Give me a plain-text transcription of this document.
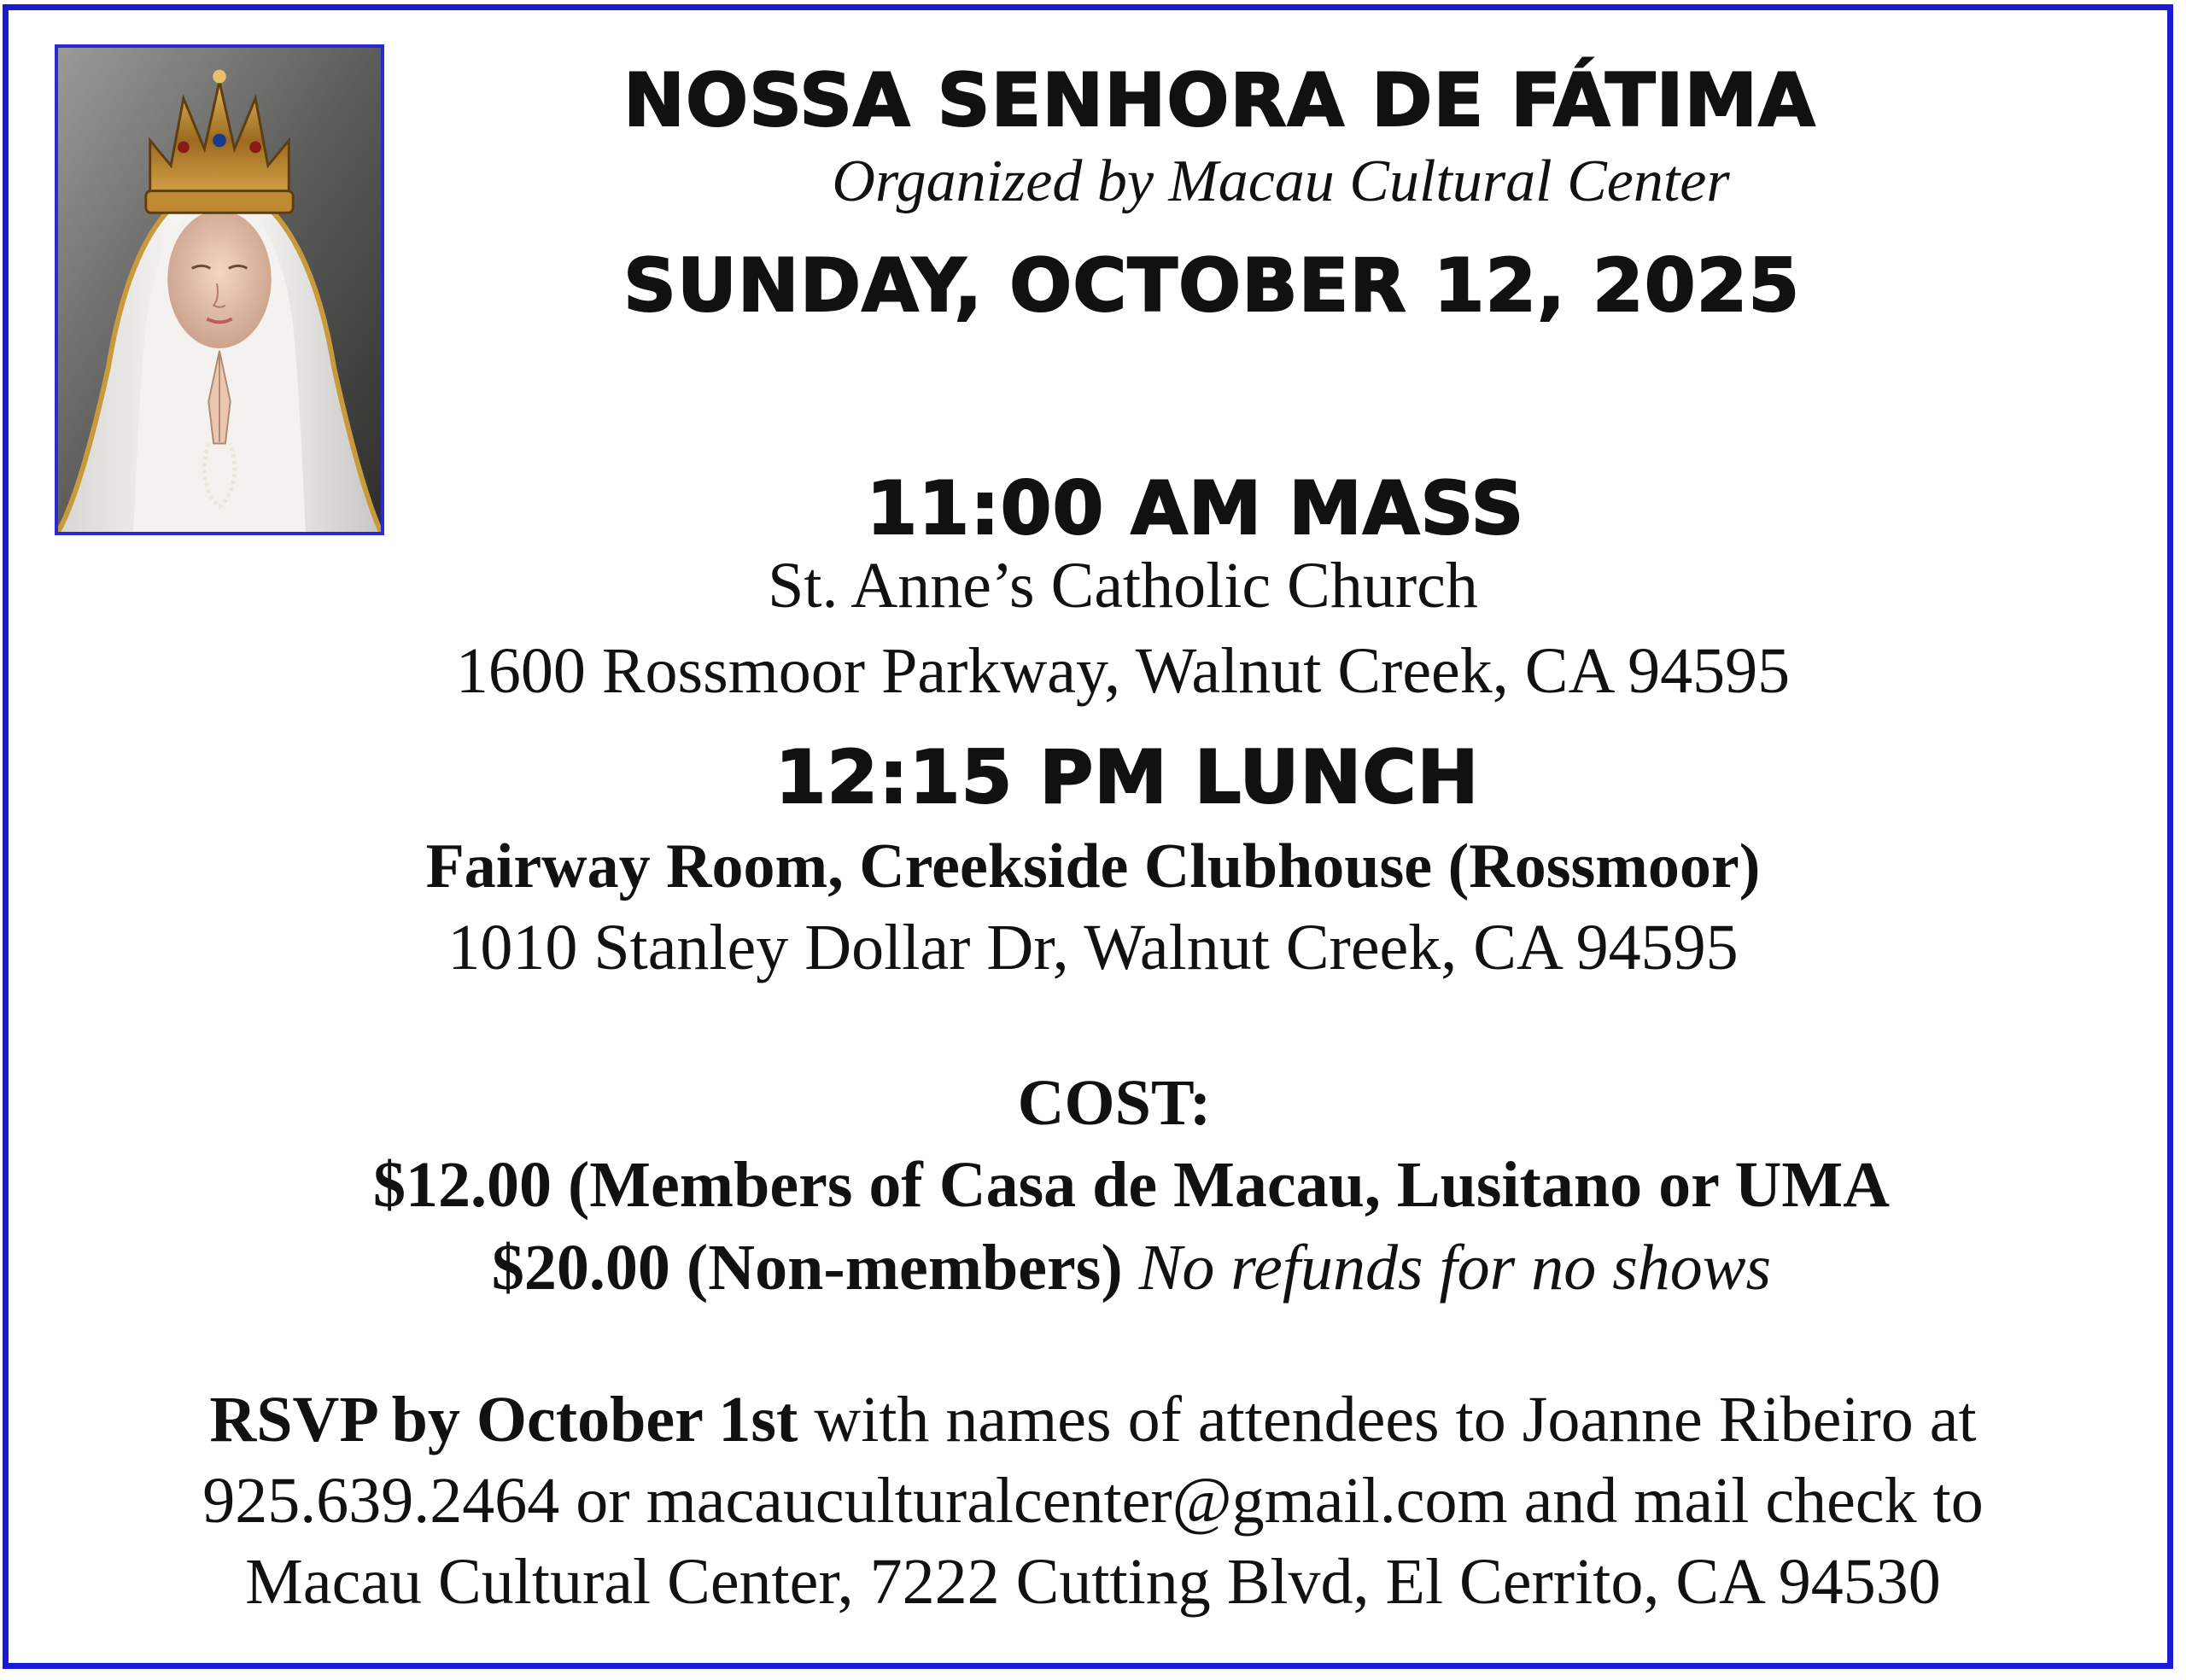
NOSSA SENHORA DE FÁTIMA
Organized by Macau Cultural Center
SUNDAY, OCTOBER 12, 2025
11:00 AM MASS
St. Anne’s Catholic Church
1600 Rossmoor Parkway, Walnut Creek, CA 94595
12:15 PM LUNCH
Fairway Room, Creekside Clubhouse (Rossmoor)
1010 Stanley Dollar Dr, Walnut Creek, CA 94595
COST:
$12.00 (Members of Casa de Macau, Lusitano or UMA
$20.00 (Non-members) No refunds for no shows
RSVP by October 1st with names of attendees to Joanne Ribeiro at
925.639.2464 or macauculturalcenter@gmail.com and mail check to
Macau Cultural Center, 7222 Cutting Blvd, El Cerrito, CA 94530
